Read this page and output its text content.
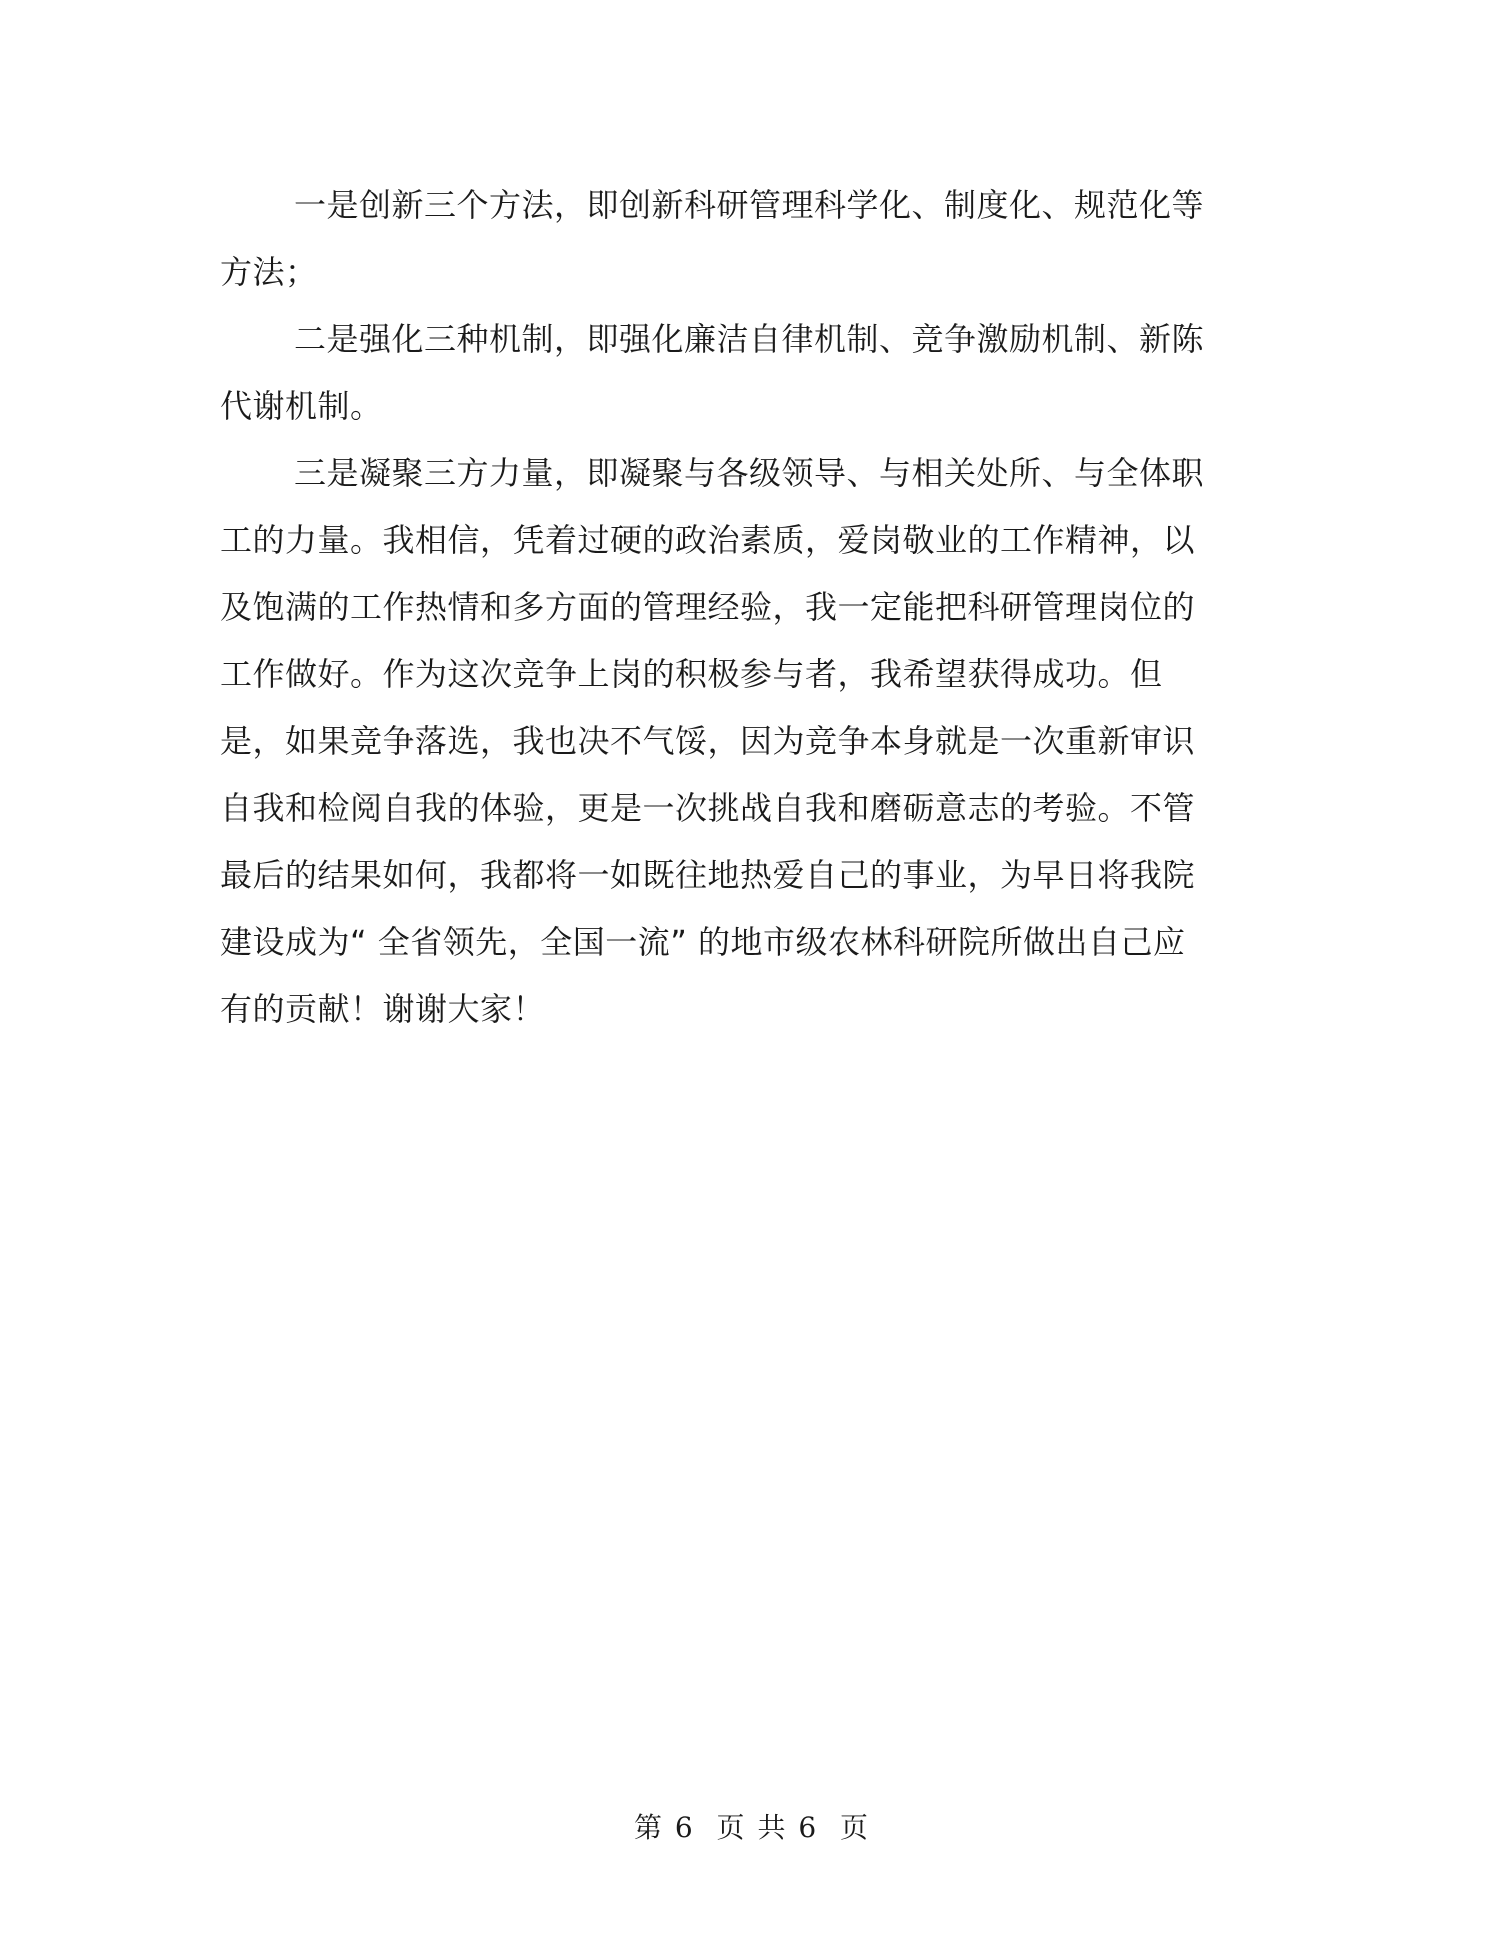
一是创新三个方法，即创新科研管理科学化、制度化、规范化等
方法；
二是强化三种机制，即强化廉洁自律机制、竞争激励机制、新陈
代谢机制。
三是凝聚三方力量，即凝聚与各级领导、与相关处所、与全体职
工的力量。我相信，凭着过硬的政治素质，爱岗敬业的工作精神，以
及饱满的工作热情和多方面的管理经验，我一定能把科研管理岗位的
工作做好。作为这次竞争上岗的积极参与者，我希望获得成功。但
是，如果竞争落选，我也决不气馁，因为竞争本身就是一次重新审识
自我和检阅自我的体验，更是一次挑战自我和磨砺意志的考验。不管
最后的结果如何，我都将一如既往地热爱自己的事业，为早日将我院
建设成为“ 全省领先，全国一流” 的地市级农林科研院所做出自己应
有的贡献！谢谢大家！
第 6  页 共 6  页
